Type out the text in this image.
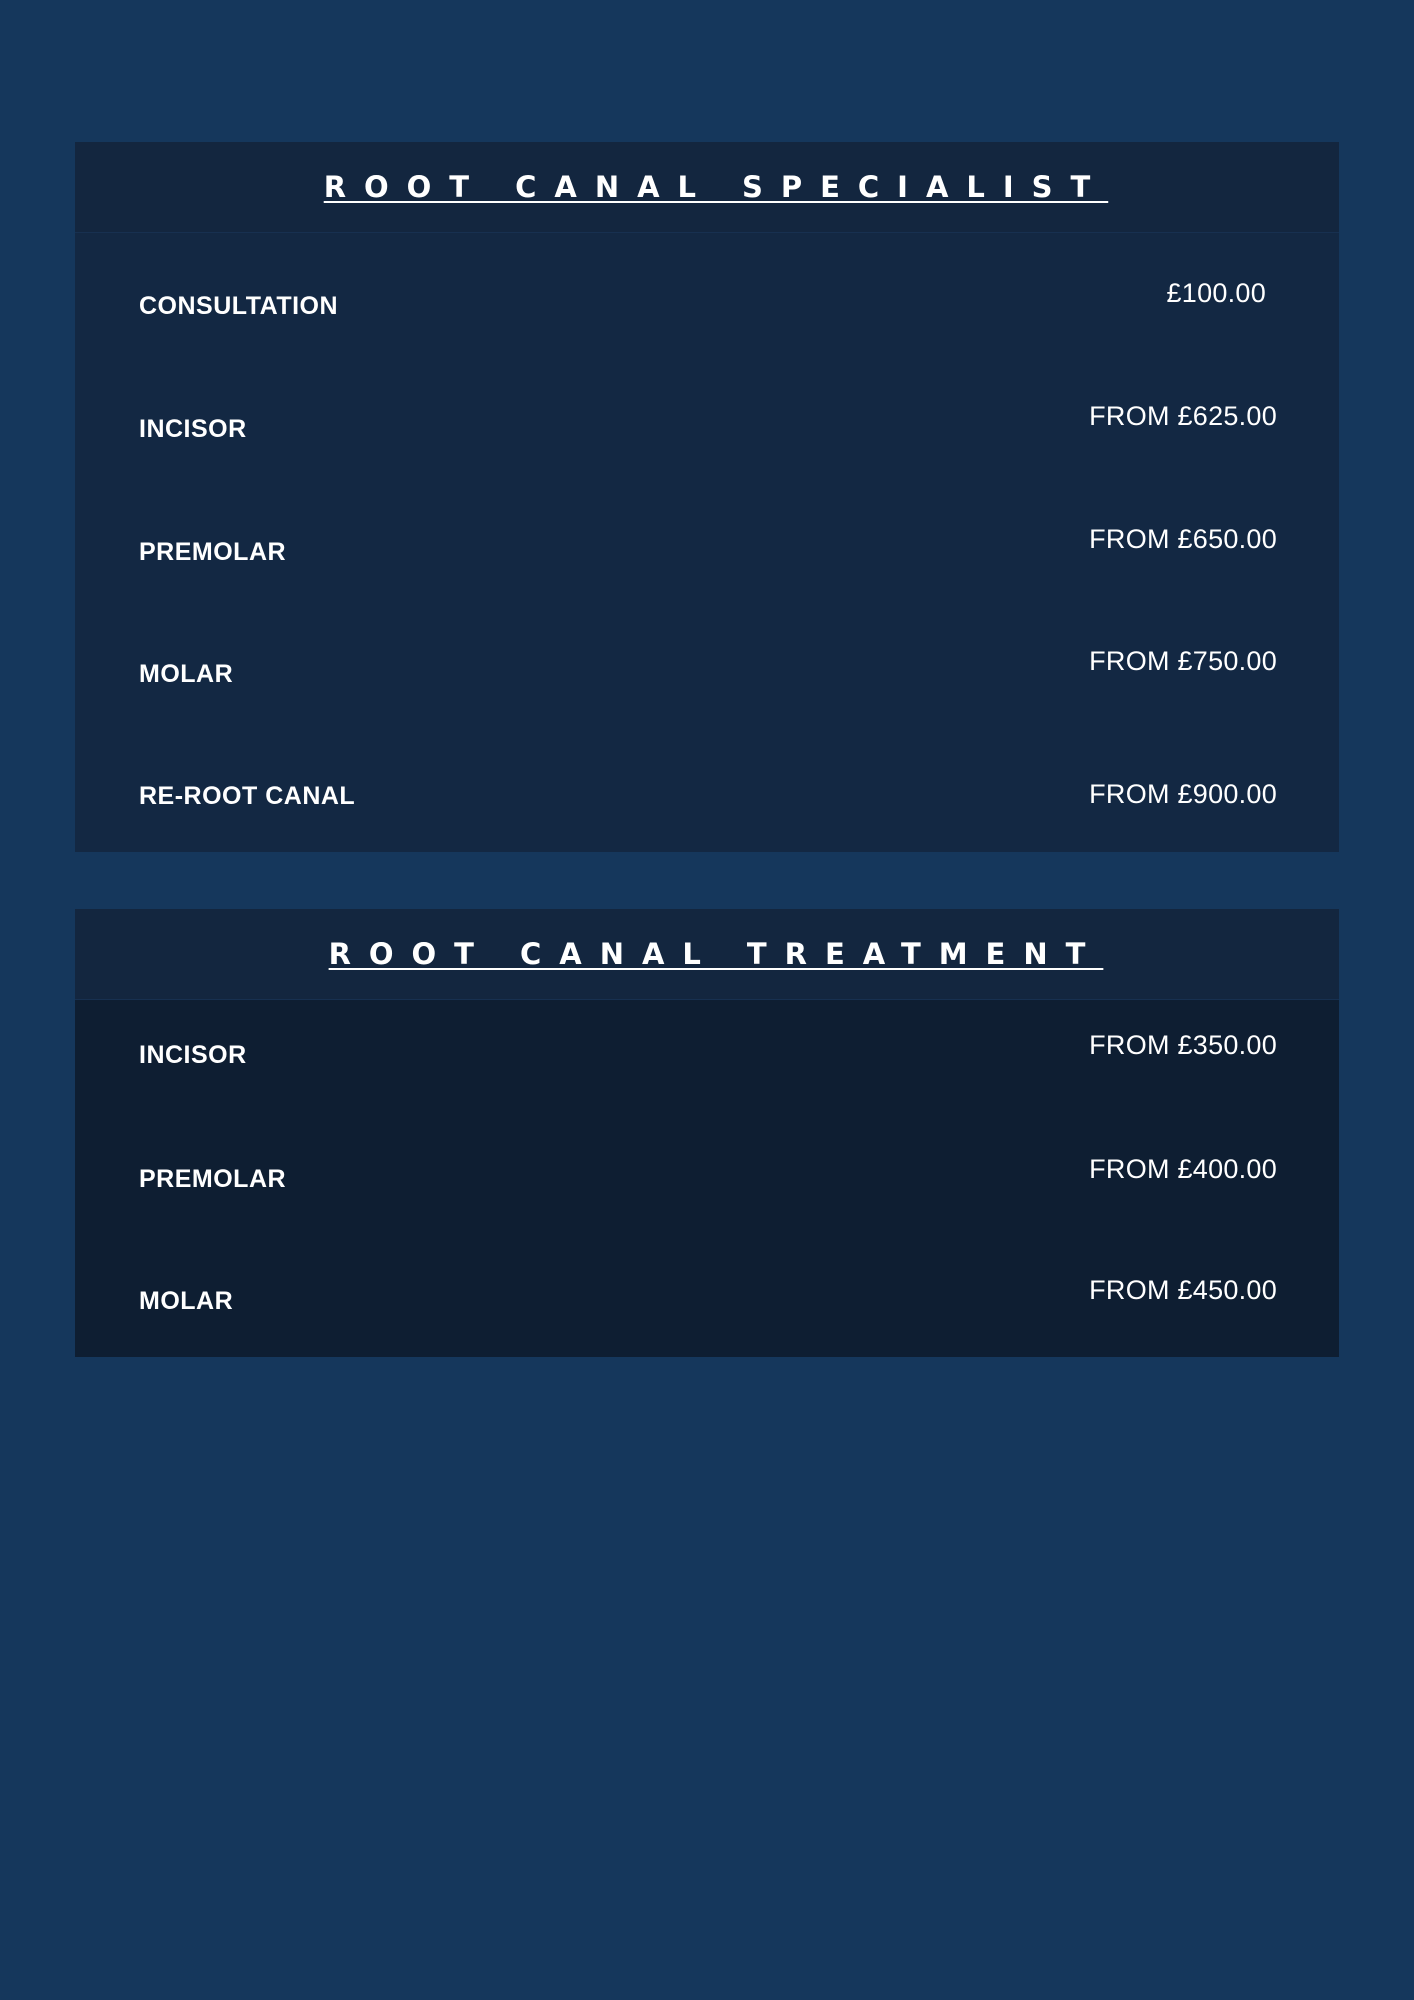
ROOT CANAL SPECIALIST
CONSULTATION	£100.00
INCISOR	FROM £625.00
PREMOLAR	FROM £650.00
MOLAR	FROM £750.00
RE-ROOT CANAL	FROM £900.00
ROOT CANAL TREATMENT
INCISOR	FROM £350.00
PREMOLAR	FROM £400.00
MOLAR	FROM £450.00
